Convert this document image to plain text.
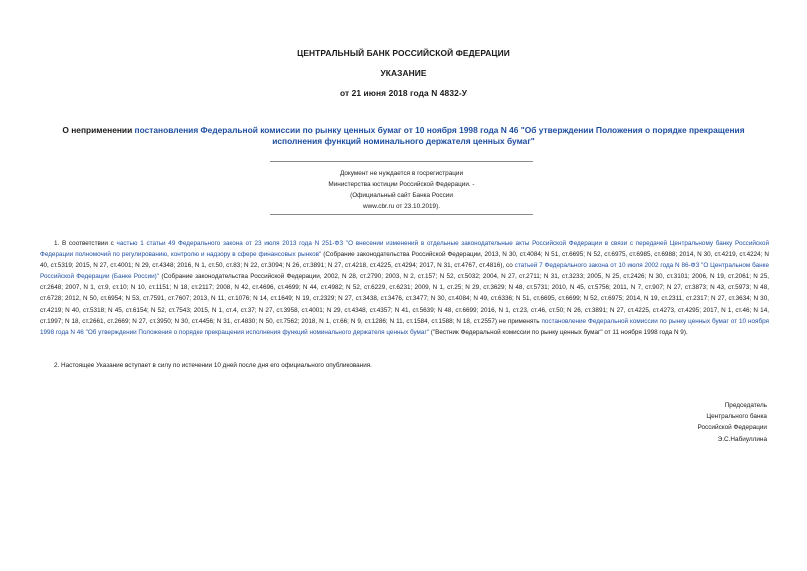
ЦЕНТРАЛЬНЫЙ БАНК РОССИЙСКОЙ ФЕДЕРАЦИИ
УКАЗАНИЕ
от 21 июня 2018 года N 4832-У
О неприменении постановления Федеральной комиссии по рынку ценных бумаг от 10 ноября 1998 года N 46 "Об утверждении Положения о порядке прекращения исполнения функций номинального держателя ценных бумаг"
Документ не нуждается в госрегистрации
Министерства юстиции Российской Федерации. -
(Официальный сайт Банка России
www.cbr.ru от 23.10.2019).
1. В соответствии с частью 1 статьи 49 Федерального закона от 23 июля 2013 года N 251-ФЗ "О внесении изменений в отдельные законодательные акты Российской Федерации в связи с передачей Центральному банку Российской Федерации полномочий по регулированию, контролю и надзору в сфере финансовых рынков" (Собрание законодательства Российской Федерации, 2013, N 30, ст.4084; N 51, ст.6695; N 52, ст.6975, ст.6985, ст.6988; 2014, N 30, ст.4219, ст.4224; N 40, ст.5319; 2015, N 27, ст.4001; N 29, ст.4348; 2016, N 1, ст.50, ст.83; N 22, ст.3094; N 26, ст.3891; N 27, ст.4218, ст.4225, ст.4294; 2017, N 31, ст.4767, ст.4816), со статьей 7 Федерального закона от 10 июля 2002 года N 86-ФЗ "О Центральном банке Российской Федерации (Банке России)" (Собрание законодательства Российской Федерации, 2002, N 28, ст.2790; 2003, N 2, ст.157; N 52, ст.5032; 2004, N 27, ст.2711; N 31, ст.3233; 2005, N 25, ст.2426; N 30, ст.3101; 2006, N 19, ст.2061; N 25, ст.2648; 2007, N 1, ст.9, ст.10; N 10, ст.1151; N 18, ст.2117; 2008, N 42, ст.4696, ст.4699; N 44, ст.4982; N 52, ст.6229, ст.6231; 2009, N 1, ст.25; N 29, ст.3629; N 48, ст.5731; 2010, N 45, ст.5756; 2011, N 7, ст.907; N 27, ст.3873; N 43, ст.5973; N 48, ст.6728; 2012, N 50, ст.6954; N 53, ст.7591, ст.7607; 2013, N 11, ст.1076; N 14, ст.1649; N 19, ст.2329; N 27, ст.3438, ст.3476, ст.3477; N 30, ст.4084; N 49, ст.6336; N 51, ст.6695, ст.6699; N 52, ст.6975; 2014, N 19, ст.2311, ст.2317; N 27, ст.3634; N 30, ст.4219; N 40, ст.5318; N 45, ст.6154; N 52, ст.7543; 2015, N 1, ст.4, ст.37; N 27, ст.3958, ст.4001; N 29, ст.4348, ст.4357; N 41, ст.5639; N 48, ст.6699; 2016, N 1, ст.23, ст.46, ст.50; N 26, ст.3891; N 27, ст.4225, ст.4273, ст.4295; 2017, N 1, ст.46; N 14, ст.1997; N 18, ст.2661, ст.2669; N 27, ст.3950; N 30, ст.4456; N 31, ст.4830; N 50, ст.7562; 2018, N 1, ст.66; N 9, ст.1286; N 11, ст.1584, ст.1588; N 18, ст.2557) не применять постановление Федеральной комиссии по рынку ценных бумаг от 10 ноября 1998 года N 46 "Об утверждении Положения о порядке прекращения исполнения функций номинального держателя ценных бумаг" ("Вестник Федеральной комиссии по рынку ценных бумаг" от 11 ноября 1998 года N 9).
2. Настоящее Указание вступает в силу по истечении 10 дней после дня его официального опубликования.
Председатель
Центрального банка
Российской Федерации
Э.С.Набиуллина
